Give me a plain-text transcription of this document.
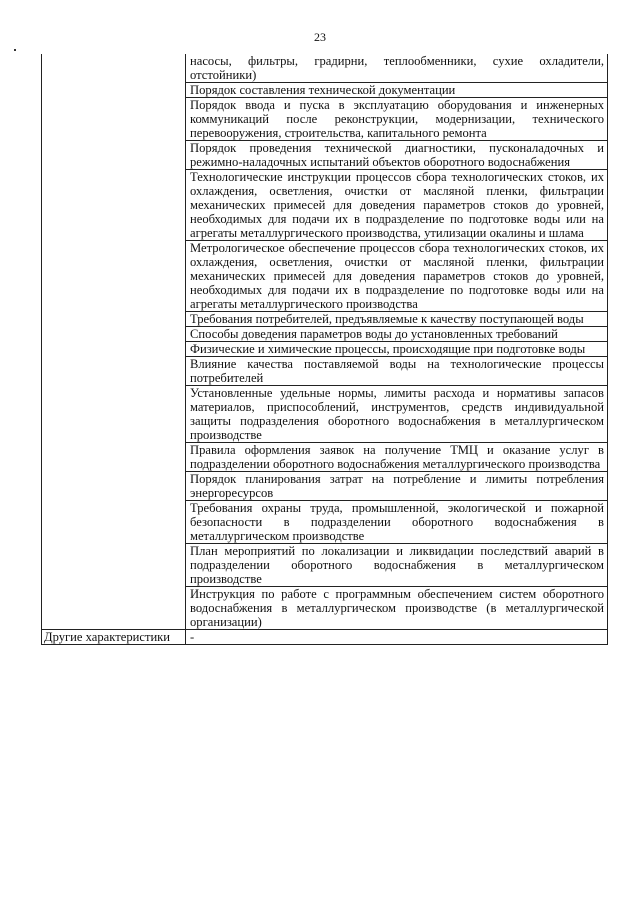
23
	насосы, фильтры, градирни, теплообменники, сухие охладители, отстойники)
	Порядок составления технической документации
	Порядок ввода и пуска в эксплуатацию оборудования и инженерных коммуникаций после реконструкции, модернизации, технического перевооружения, строительства, капитального ремонта
	Порядок проведения технической диагностики, пусконаладочных и режимно-наладочных испытаний объектов оборотного водоснабжения
	Технологические инструкции процессов сбора технологических стоков, их охлаждения, осветления, очистки от масляной пленки, фильтрации механических примесей для доведения параметров стоков до уровней, необходимых для подачи их в подразделение по подготовке воды или на агрегаты металлургического производства, утилизации окалины и шлама
	Метрологическое обеспечение процессов сбора технологических стоков, их охлаждения, осветления, очистки от масляной пленки, фильтрации механических примесей для доведения параметров стоков до уровней, необходимых для подачи их в подразделение по подготовке воды или на агрегаты металлургического производства
	Требования потребителей, предъявляемые к качеству поступающей воды
	Способы доведения параметров воды до установленных требований
	Физические и химические процессы, происходящие при подготовке воды
	Влияние качества поставляемой воды на технологические процессы потребителей
	Установленные удельные нормы, лимиты расхода и нормативы запасов материалов, приспособлений, инструментов, средств индивидуальной защиты подразделения оборотного водоснабжения в металлургическом производстве
	Правила оформления заявок на получение ТМЦ и оказание услуг в подразделении оборотного водоснабжения металлургического производства
	Порядок планирования затрат на потребление и лимиты потребления энергоресурсов
	Требования охраны труда, промышленной, экологической и пожарной безопасности в подразделении оборотного водоснабжения в металлургическом производстве
	План мероприятий по локализации и ликвидации последствий аварий в подразделении оборотного водоснабжения в металлургическом производстве
	Инструкция по работе с программным обеспечением систем оборотного водоснабжения в металлургическом производстве (в металлургической организации)
Другие характеристики	-
